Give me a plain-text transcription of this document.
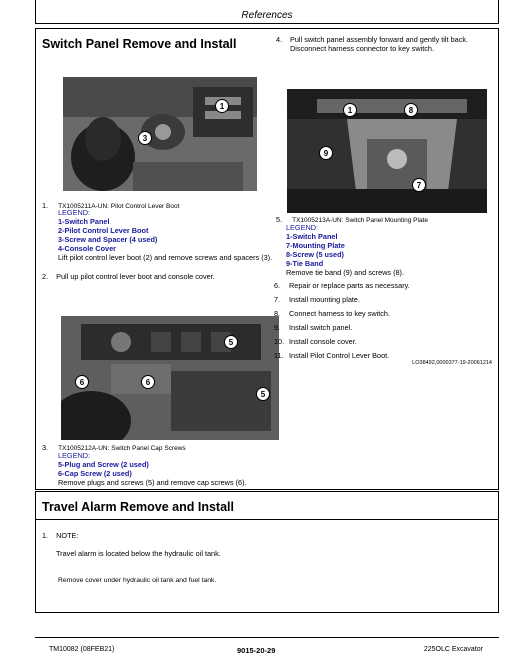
References
Switch Panel Remove and Install
1
3
1. TX1005211A-UN: Pilot Control Lever Boot
LEGEND:
1-Switch Panel
2-Pilot Control Lever Boot
3-Screw and Spacer (4 used)
4-Console Cover
Lift pilot control lever boot (2) and remove screws and spacers (3).
2. Pull up pilot control lever boot and console cover.
5
6	6
5
3. TX1005212A-UN: Switch Panel Cap Screws
LEGEND:
5-Plug and Screw (2 used)
6-Cap Screw (2 used)
Remove plugs and screws (5) and remove cap screws (6).
4. Pull switch panel assembly forward and gently tilt back. Disconnect harness connector to key switch.
1	8
9
7
5. TX1005213A-UN: Switch Panel Mounting Plate
LEGEND:
1-Switch Panel
7-Mounting Plate
8-Screw (5 used)
9-Tie Band
Remove tie band (9) and screws (8).
6. Repair or replace parts as necessary.
7. Install mounting plate.
8. Connect harness to key switch.
9. Install switch panel.
10. Install console cover.
11. Install Pilot Control Lever Boot.
LO38492,0000377-19-20061214
Travel Alarm Remove and Install
1. NOTE:
Travel alarm is located below the hydraulic oil tank.
Remove cover under hydraulic oil tank and fuel tank.
TM10082 (08FEB21)	9015-20-29	225OLC Excavator
